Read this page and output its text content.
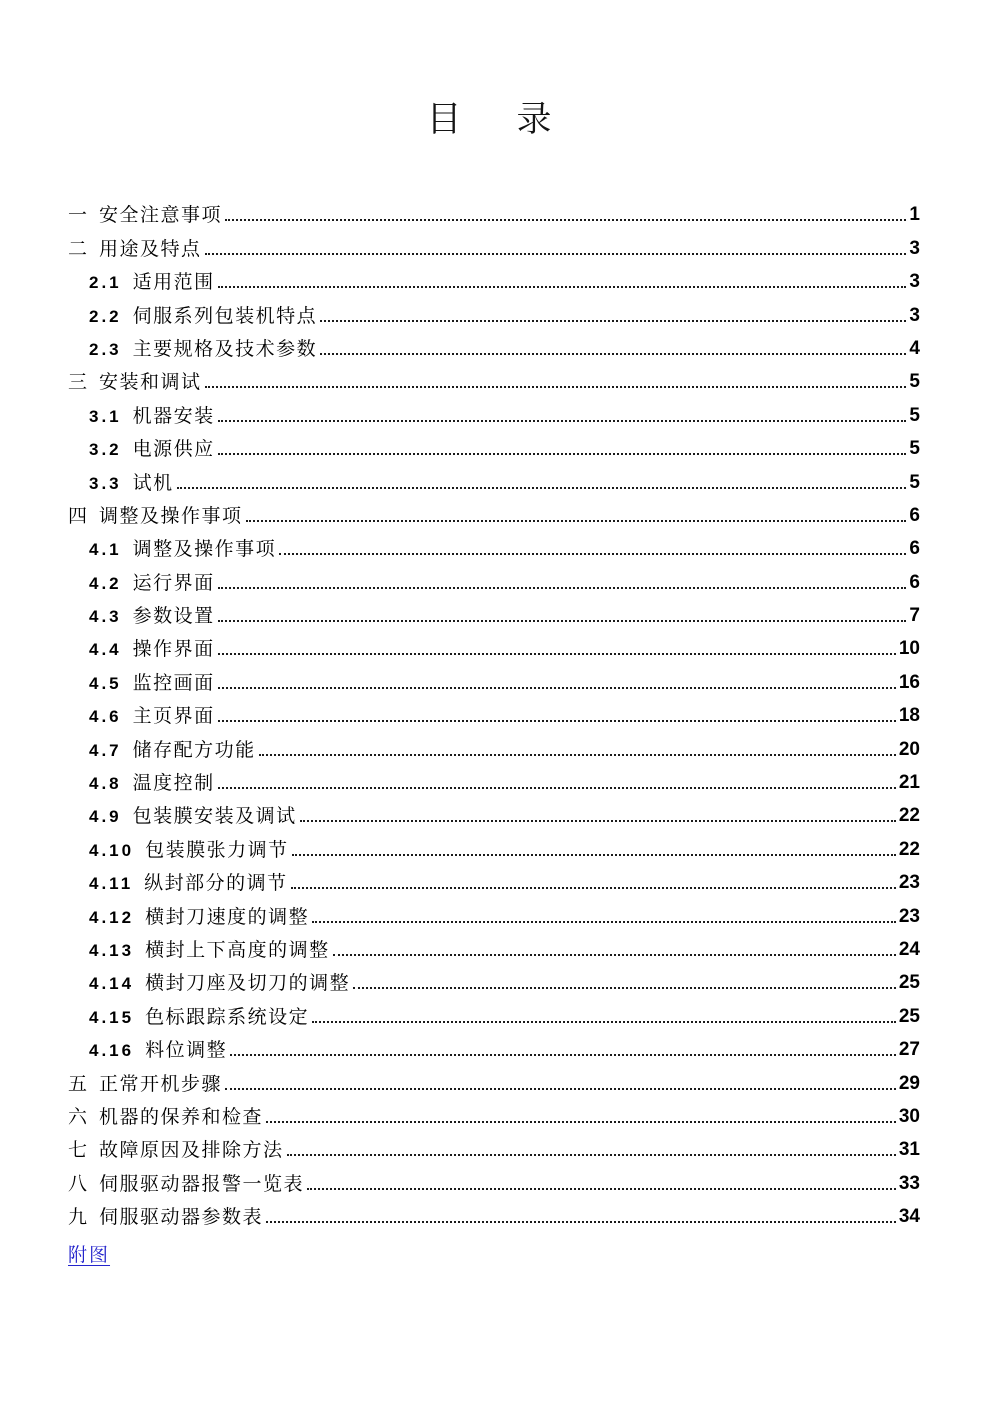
目　录
一 安全注意事项	1
二 用途及特点	3
2.1 适用范围	3
2.2 伺服系列包装机特点	3
2.3 主要规格及技术参数	4
三 安装和调试	5
3.1 机器安装	5
3.2 电源供应	5
3.3 试机	5
四 调整及操作事项	6
4.1 调整及操作事项	6
4.2 运行界面	6
4.3 参数设置	7
4.4 操作界面	10
4.5 监控画面	16
4.6 主页界面	18
4.7 储存配方功能	20
4.8 温度控制	21
4.9 包装膜安装及调试	22
4.10 包装膜张力调节	22
4.11 纵封部分的调节	23
4.12 横封刀速度的调整	23
4.13 横封上下高度的调整	24
4.14 横封刀座及切刀的调整	25
4.15 色标跟踪系统设定	25
4.16 料位调整	27
五 正常开机步骤	29
六 机器的保养和检查	30
七 故障原因及排除方法	31
八 伺服驱动器报警一览表	33
九 伺服驱动器参数表	34
附图
